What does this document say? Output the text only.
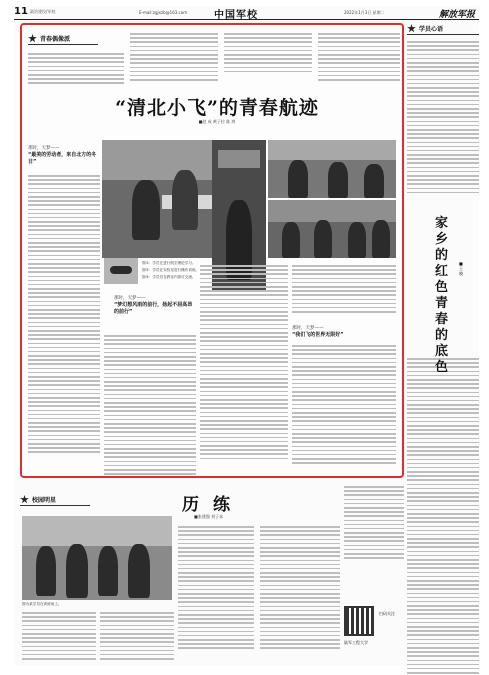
11 政治建设/军校	E-mail:zgjxzb@163.com	中国军校	2022年1月3日 星期二	解放军报
青春偶像派
“清北小飞”的青春航迹
■赵 成 黄子拉 陈 鸿
那时，天梦——
“最美的劳动者，来自北方的冬日”
图①：学员在进行航空理论学习。
图②：学员在实验室进行操作训练。
图③：学员们在教室内探讨交流。
那时，天梦——
“梦幻想风雨的前行，扬起不屈高昂的前行”
那时，天梦——
“我们飞的世界无限好”
学员心语
家乡的红色 青春的底色
■王晓
校园明星
图为某学员在训练场上。
历练
■张建强 刘子承
扫码关注
陆军工程大学
